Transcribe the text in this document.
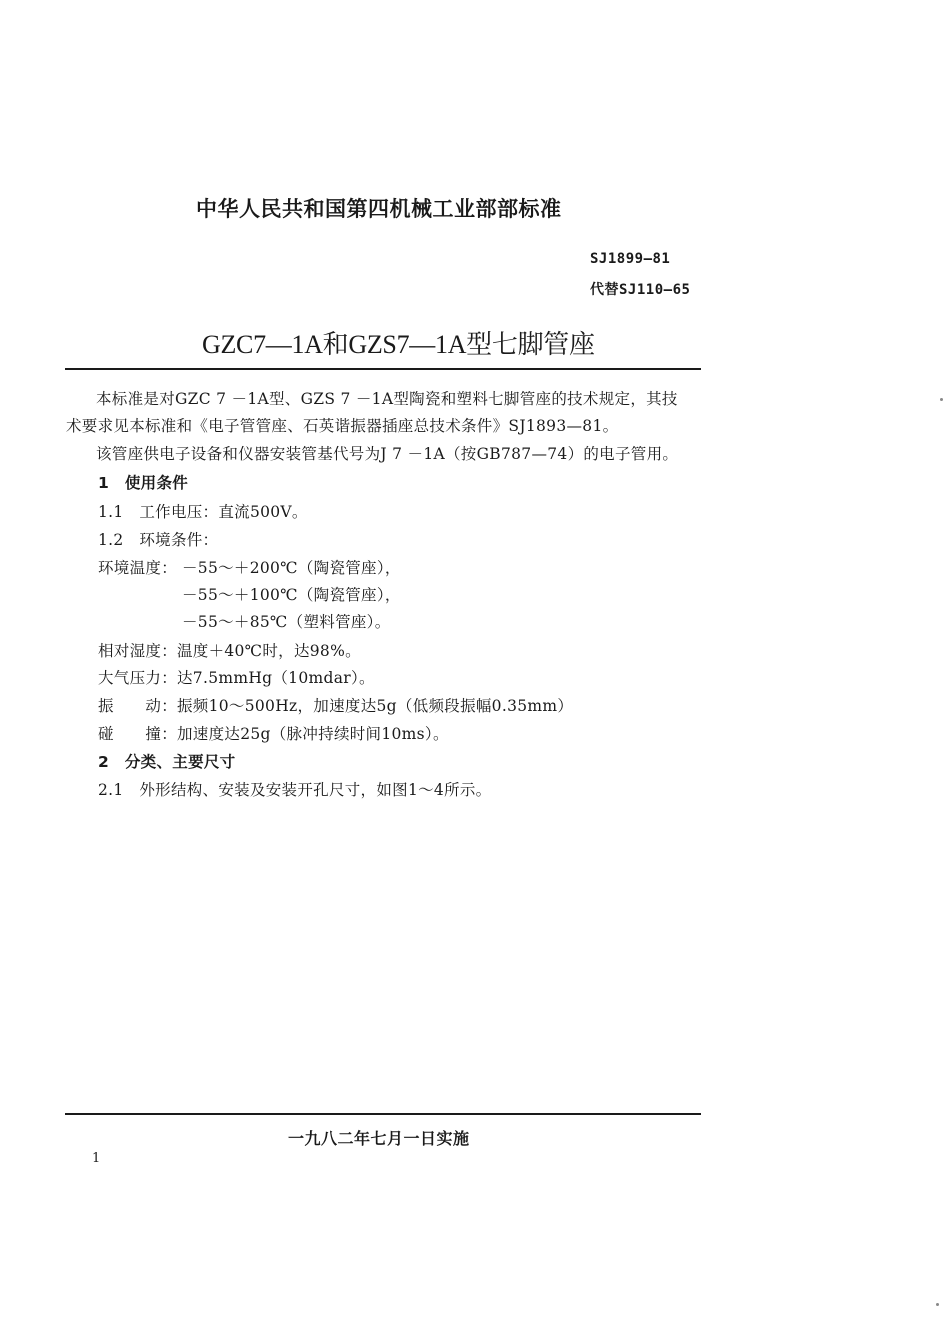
中华人民共和国第四机械工业部部标准
SJ1899—81
代替SJ110—65
GZC7—1A和GZS7—1A型七脚管座
本标准是对GZC 7 －1A型、GZS 7 －1A型陶瓷和塑料七脚管座的技术规定，其技
术要求见本标准和《电子管管座、石英谐振器插座总技术条件》SJ1893—81。
该管座供电子设备和仪器安装管基代号为J 7 －1A（按GB787—74）的电子管用。
1　使用条件
1.1　工作电压：直流500V。
1.2　环境条件：
环境温度： －55～＋200℃（陶瓷管座），
－55～＋100℃（陶瓷管座），
－55～＋85℃（塑料管座）。
相对湿度：温度＋40℃时，达98%。
大气压力：达7.5mmHg（10mdar）。
振　　动：振频10～500Hz，加速度达5g（低频段振幅0.35mm）
碰　　撞：加速度达25g（脉冲持续时间10ms）。
2　分类、主要尺寸
2.1　外形结构、安装及安装开孔尺寸，如图1～4所示。
一九八二年七月一日实施
1
